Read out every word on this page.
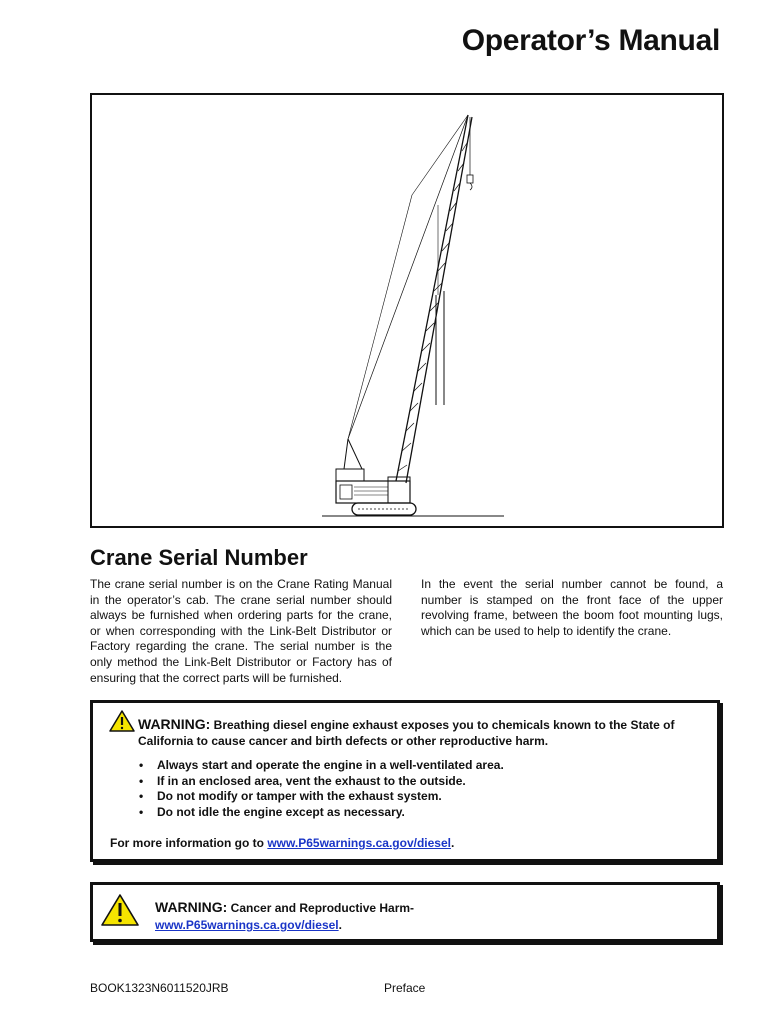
Operator’s Manual
Crane Serial Number

The crane serial number is on the Crane Rating Manual in the operator’s cab. The crane serial number should always be furnished when ordering parts for the crane, or when corresponding with the Link-Belt Distributor or Factory regarding the crane. The serial number is the only method the Link-Belt Distributor or Factory has of ensuring that the correct parts will be furnished.

In the event the serial number cannot be found, a number is stamped on the front face of the upper revolving frame, between the boom foot mounting lugs, which can be used to help to identify the crane.

WARNING: Breathing diesel engine exhaust exposes you to chemicals known to the State of California to cause cancer and birth defects or other reproductive harm.
• Always start and operate the engine in a well-ventilated area.
• If in an enclosed area, vent the exhaust to the outside.
• Do not modify or tamper with the exhaust system.
• Do not idle the engine except as necessary.
For more information go to www.P65warnings.ca.gov/diesel.
WARNING: Cancer and Reproductive Harm-
www.P65warnings.ca.gov/diesel.
BOOK1323N6011520JRB	Preface
